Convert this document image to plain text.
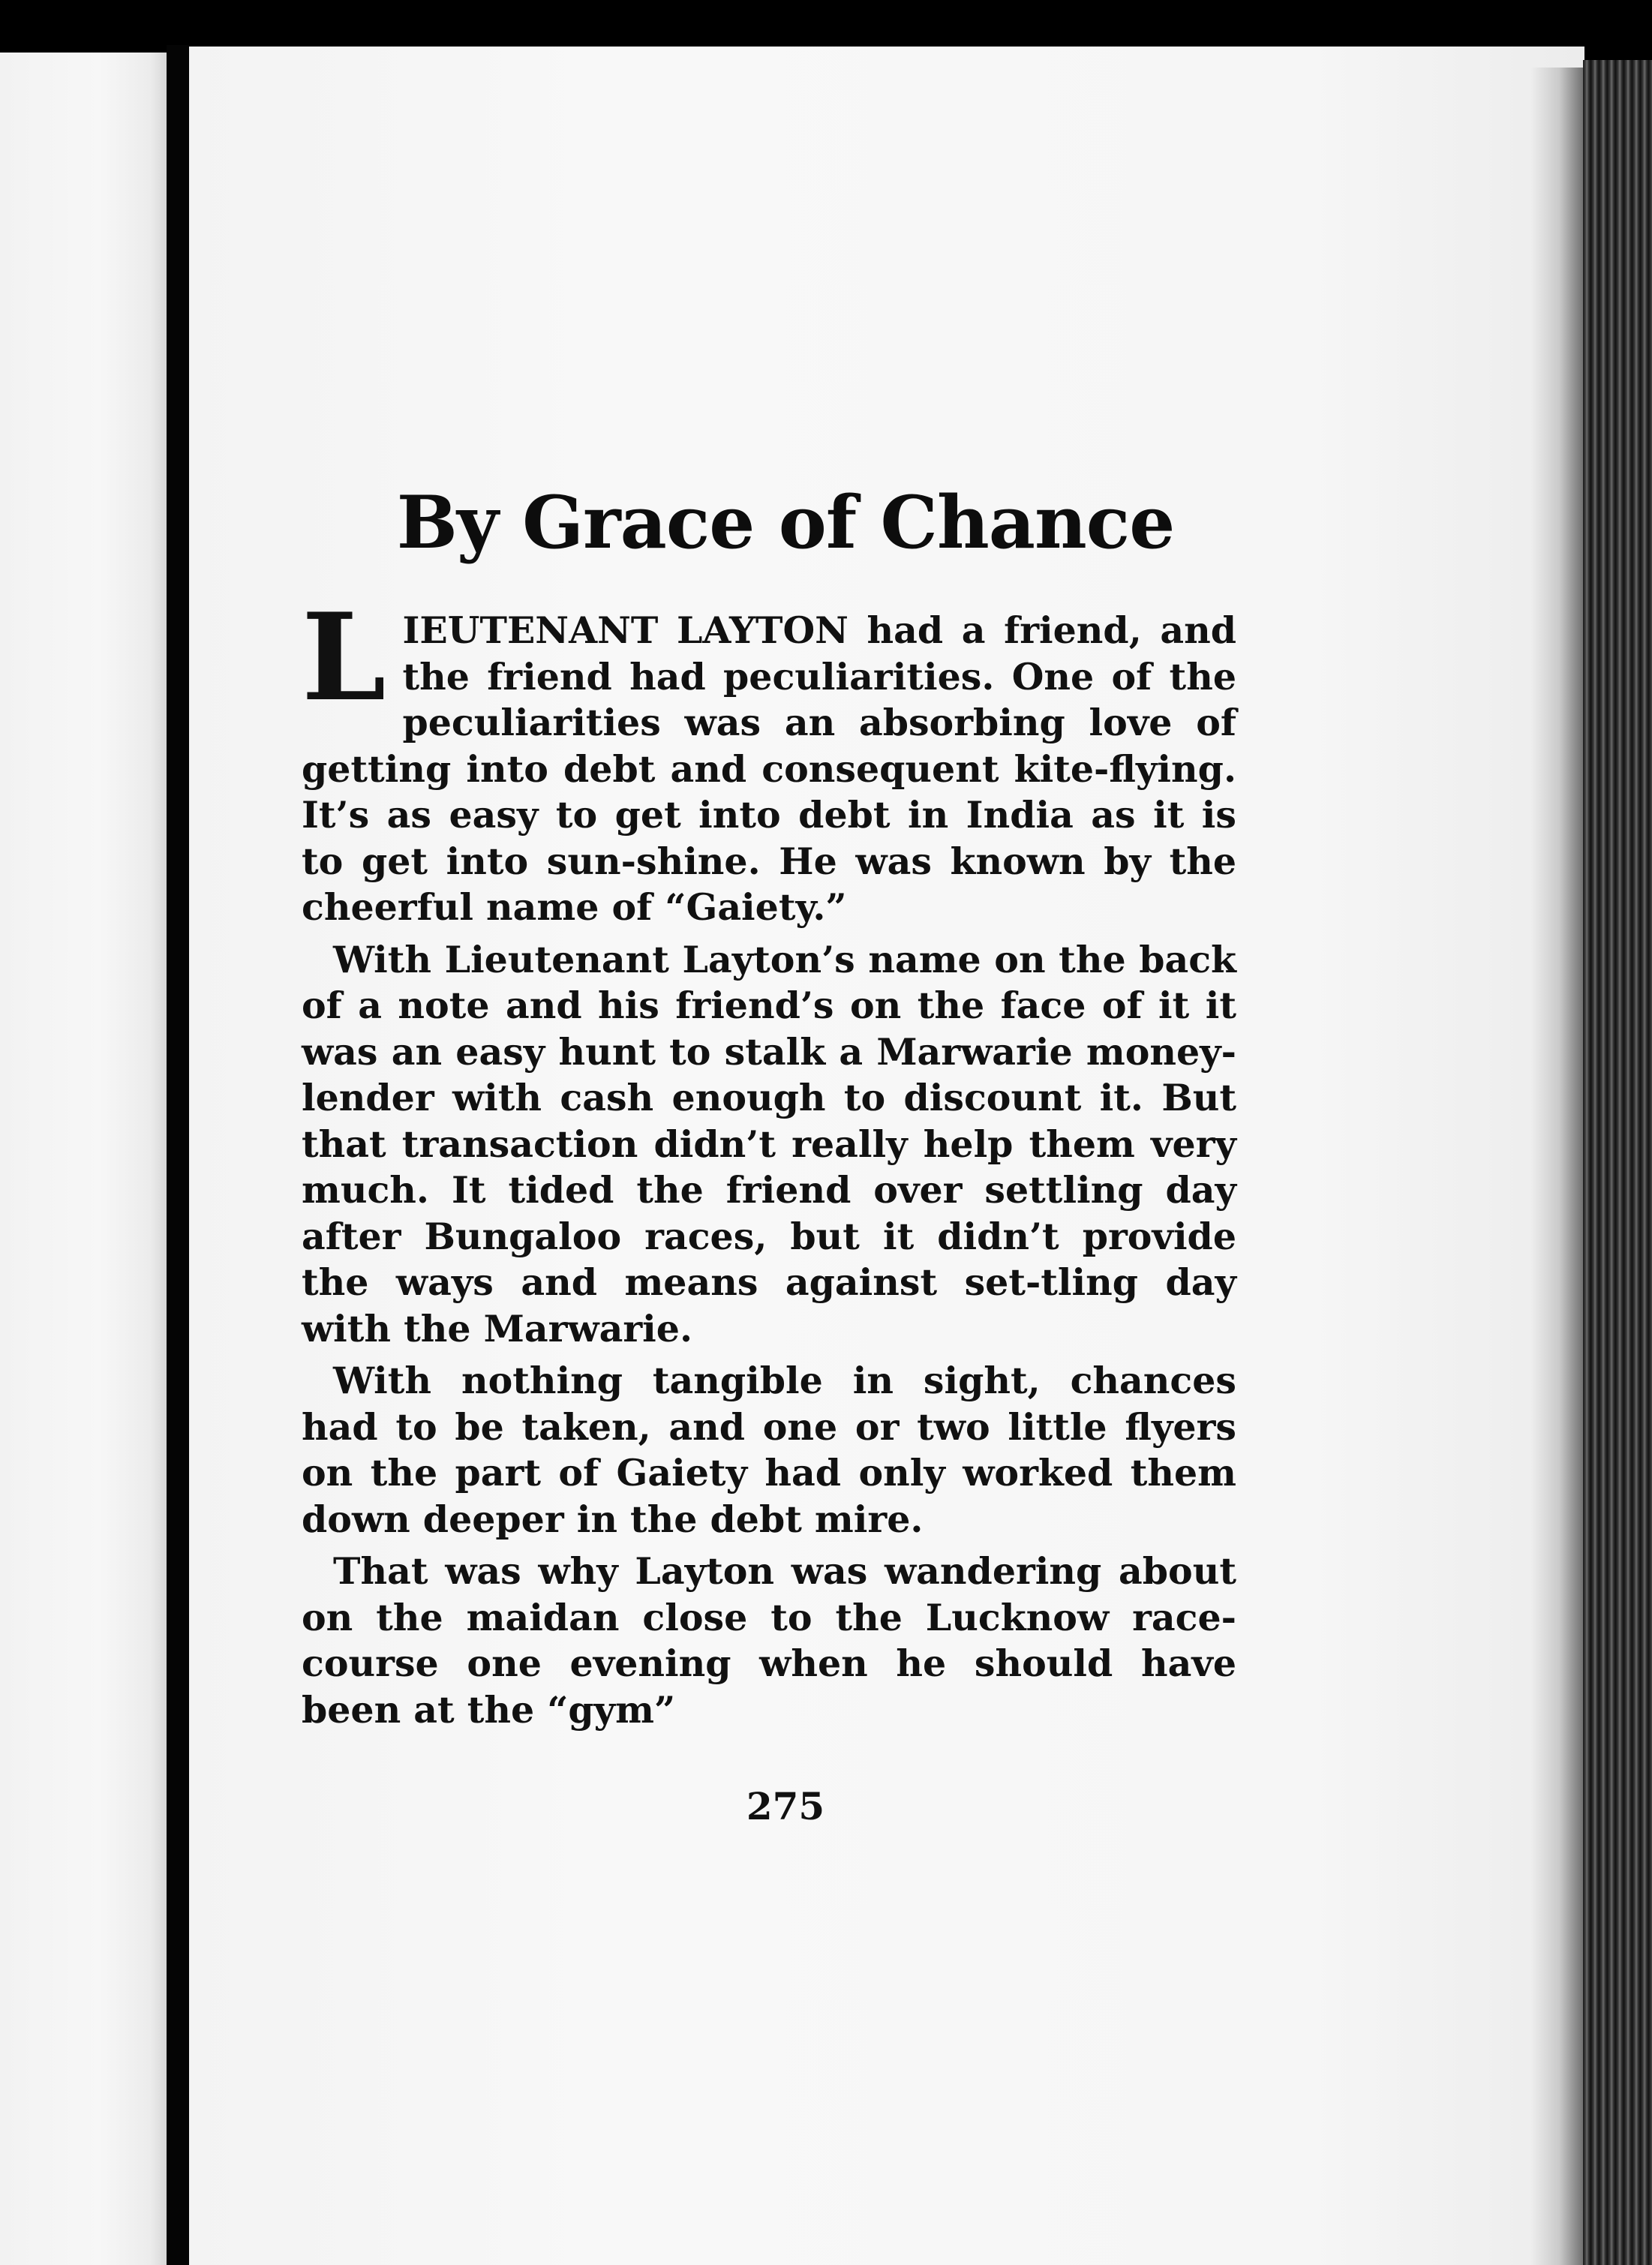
By Grace of Chance

LIEUTENANT LAYTON had a friend, and the friend had peculiarities. One of the peculiarities was an absorbing love of getting into debt and consequent kite-flying. It’s as easy to get into debt in India as it is to get into sun-shine. He was known by the cheerful name of “Gaiety.”

With Lieutenant Layton’s name on the back of a note and his friend’s on the face of it it was an easy hunt to stalk a Marwarie money-lender with cash enough to discount it. But that transaction didn’t really help them very much. It tided the friend over settling day after Bungaloo races, but it didn’t provide the ways and means against set-tling day with the Marwarie.

With nothing tangible in sight, chances had to be taken, and one or two little flyers on the part of Gaiety had only worked them down deeper in the debt mire.

That was why Layton was wandering about on the maidan close to the Lucknow race-course one evening when he should have been at the “gym”

275
